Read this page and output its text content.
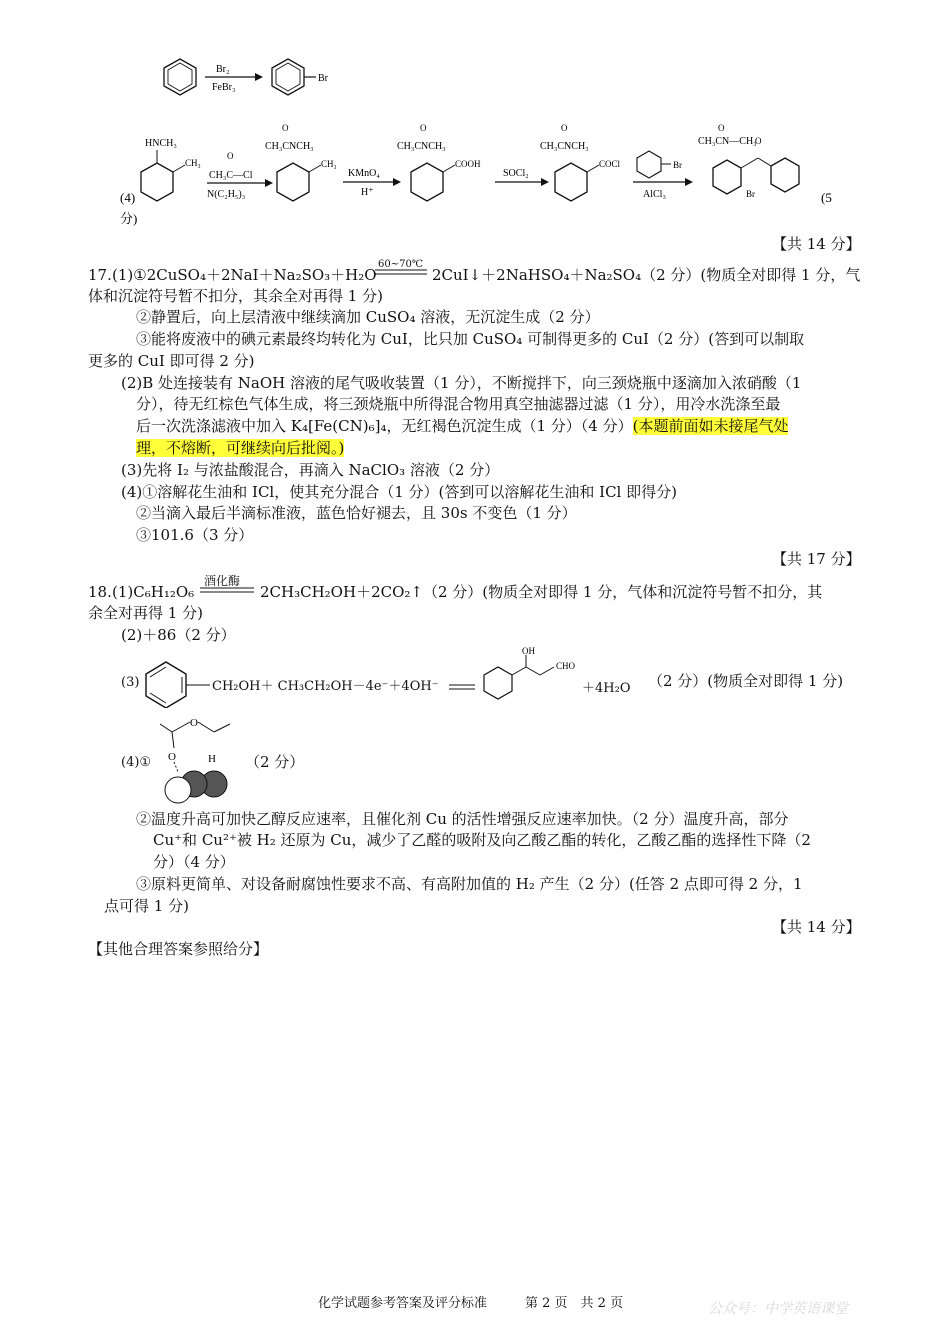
Br₂
FeBr₃
Br
HNCH₃
CH₃
(4)
O
CH₃C—Cl
N(C₂H₅)₃
O
CH₃CNCH₃
CH₃
KMnO₄
H⁺
O
CH₃CNCH₃
COOH
SOCl₂
O
CH₃CNCH₃
COCl	Br
AlCl₃
O
CH₃CN—CH₃
O
Br	(5
分)
【共 14 分】
17. (1)①2CuSO₄＋2NaI＋Na₂SO₃＋H₂O
60~70℃
2CuI↓＋2NaHSO₄＋Na₂SO₄（2 分）(物质全对即得 1 分，气
体和沉淀符号暂不扣分，其余全对再得 1 分)
②静置后，向上层清液中继续滴加 CuSO₄ 溶液，无沉淀生成（2 分）
③能将废液中的碘元素最终均转化为 CuI，比只加 CuSO₄ 可制得更多的 CuI（2 分）(答到可以制取
更多的 CuI 即可得 2 分)
(2)B 处连接装有 NaOH 溶液的尾气吸收装置（1 分），不断搅拌下，向三颈烧瓶中逐滴加入浓硝酸（1
分），待无红棕色气体生成，将三颈烧瓶中所得混合物用真空抽滤器过滤（1 分），用冷水洗涤至最
后一次洗涤滤液中加入 K₄[Fe(CN)₆]₄，无红褐色沉淀生成（1 分）（4 分）(本题前面如未接尾气处
理，不熔断，可继续向后批阅。)
(3)先将 I₂ 与浓盐酸混合，再滴入 NaClO₃ 溶液（2 分）
(4)①溶解花生油和 ICl，使其充分混合（1 分）(答到可以溶解花生油和 ICl 即得分)
②当滴入最后半滴标准液，蓝色恰好褪去，且 30s 不变色（1 分）
③101.6（3 分）
【共 17 分】
18. (1)C₆H₁₂O₆
酒化酶
2CH₃CH₂OH＋2CO₂↑（2 分）(物质全对即得 1 分，气体和沉淀符号暂不扣分，其
余全对再得 1 分)
(2)＋86（2 分）
(3)	CH₂OH＋ CH₃CH₂OH－4e⁻＋4OH⁻
OH
CHO
＋4H₂O （2 分）(物质全对即得 1 分)
(4)①
O
O	H （2 分）
②温度升高可加快乙醇反应速率，且催化剂 Cu 的活性增强反应速率加快。（2 分）温度升高，部分
Cu⁺和 Cu²⁺被 H₂ 还原为 Cu，减少了乙醛的吸附及向乙酸乙酯的转化，乙酸乙酯的选择性下降（2
分）（4 分）
③原料更简单、对设备耐腐蚀性要求不高、有高附加值的 H₂ 产生（2 分）(任答 2 点即可得 2 分，1
点可得 1 分)
【共 14 分】
【其他合理答案参照给分】
化学试题参考答案及评分标准	第 2 页　共 2 页	公众号：中学英语课堂
